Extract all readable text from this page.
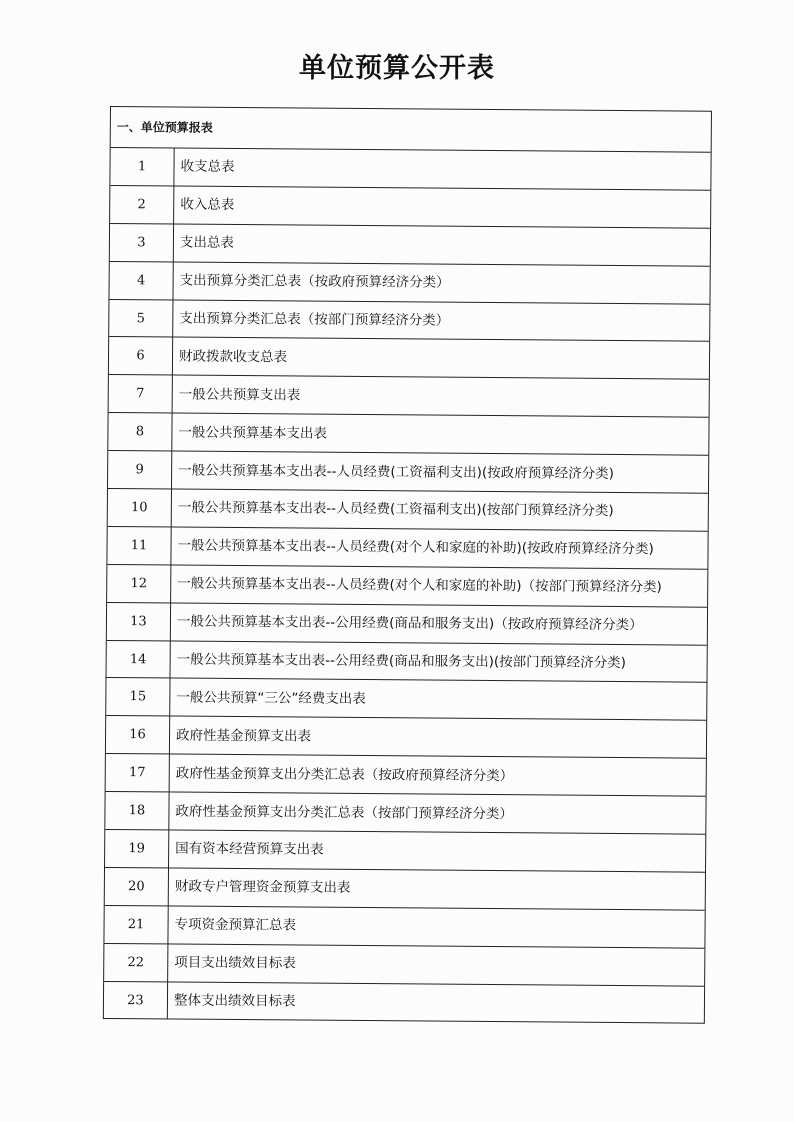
单位预算公开表
一、单位预算报表
1	收支总表
2	收入总表
3	支出总表
4	支出预算分类汇总表（按政府预算经济分类）
5	支出预算分类汇总表（按部门预算经济分类）
6	财政拨款收支总表
7	一般公共预算支出表
8	一般公共预算基本支出表
9	一般公共预算基本支出表--人员经费(工资福利支出)(按政府预算经济分类)
10	一般公共预算基本支出表--人员经费(工资福利支出)(按部门预算经济分类)
11	一般公共预算基本支出表--人员经费(对个人和家庭的补助)(按政府预算经济分类)
12	一般公共预算基本支出表--人员经费(对个人和家庭的补助)（按部门预算经济分类)
13	一般公共预算基本支出表--公用经费(商品和服务支出)（按政府预算经济分类）
14	一般公共预算基本支出表--公用经费(商品和服务支出)(按部门预算经济分类)
15	一般公共预算“三公”经费支出表
16	政府性基金预算支出表
17	政府性基金预算支出分类汇总表（按政府预算经济分类）
18	政府性基金预算支出分类汇总表（按部门预算经济分类）
19	国有资本经营预算支出表
20	财政专户管理资金预算支出表
21	专项资金预算汇总表
22	项目支出绩效目标表
23	整体支出绩效目标表
